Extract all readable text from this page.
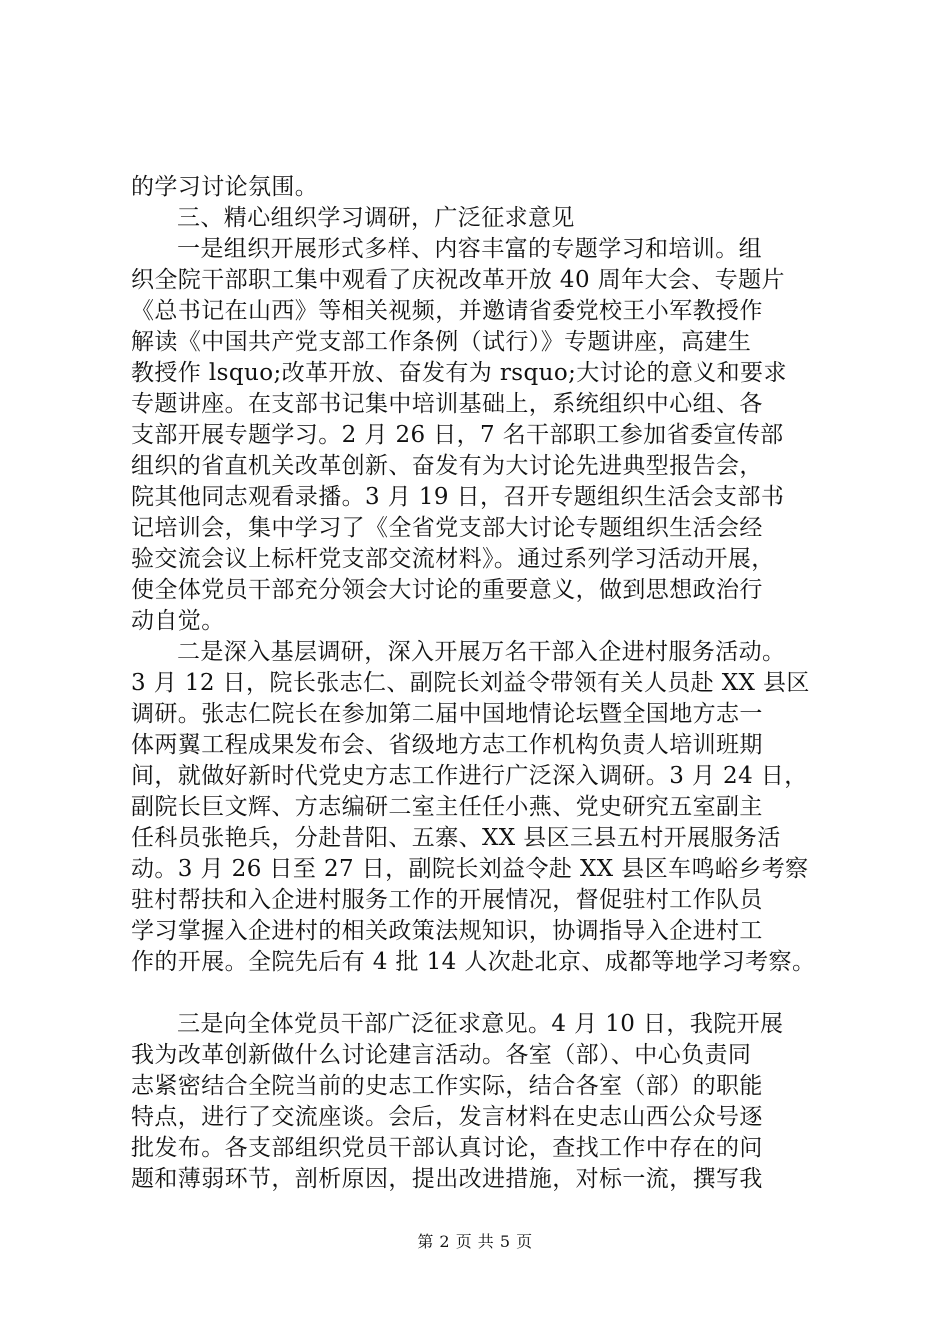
的学习讨论氛围。
三、精心组织学习调研，广泛征求意见
一是组织开展形式多样、内容丰富的专题学习和培训。组
织全院干部职工集中观看了庆祝改革开放 40 周年大会、专题片
《总书记在山西》等相关视频，并邀请省委党校王小军教授作
解读《中国共产党支部工作条例（试行）》专题讲座，高建生
教授作 lsquo;改革开放、奋发有为 rsquo;大讨论的意义和要求
专题讲座。在支部书记集中培训基础上，系统组织中心组、各
支部开展专题学习。2 月 26 日，7 名干部职工参加省委宣传部
组织的省直机关改革创新、奋发有为大讨论先进典型报告会，
院其他同志观看录播。3 月 19 日，召开专题组织生活会支部书
记培训会，集中学习了《全省党支部大讨论专题组织生活会经
验交流会议上标杆党支部交流材料》。通过系列学习活动开展，
使全体党员干部充分领会大讨论的重要意义，做到思想政治行
动自觉。
二是深入基层调研，深入开展万名干部入企进村服务活动。
3 月 12 日，院长张志仁、副院长刘益令带领有关人员赴 XX 县区
调研。张志仁院长在参加第二届中国地情论坛暨全国地方志一
体两翼工程成果发布会、省级地方志工作机构负责人培训班期
间，就做好新时代党史方志工作进行广泛深入调研。3 月 24 日，
副院长巨文辉、方志编研二室主任任小燕、党史研究五室副主
任科员张艳兵，分赴昔阳、五寨、XX 县区三县五村开展服务活
动。3 月 26 日至 27 日，副院长刘益令赴 XX 县区车鸣峪乡考察
驻村帮扶和入企进村服务工作的开展情况，督促驻村工作队员
学习掌握入企进村的相关政策法规知识，协调指导入企进村工
作的开展。全院先后有 4 批 14 人次赴北京、成都等地学习考察。
三是向全体党员干部广泛征求意见。4 月 10 日，我院开展
我为改革创新做什么讨论建言活动。各室（部）、中心负责同
志紧密结合全院当前的史志工作实际，结合各室（部）的职能
特点，进行了交流座谈。会后，发言材料在史志山西公众号逐
批发布。各支部组织党员干部认真讨论，查找工作中存在的问
题和薄弱环节，剖析原因，提出改进措施，对标一流，撰写我
第 2 页 共 5 页
